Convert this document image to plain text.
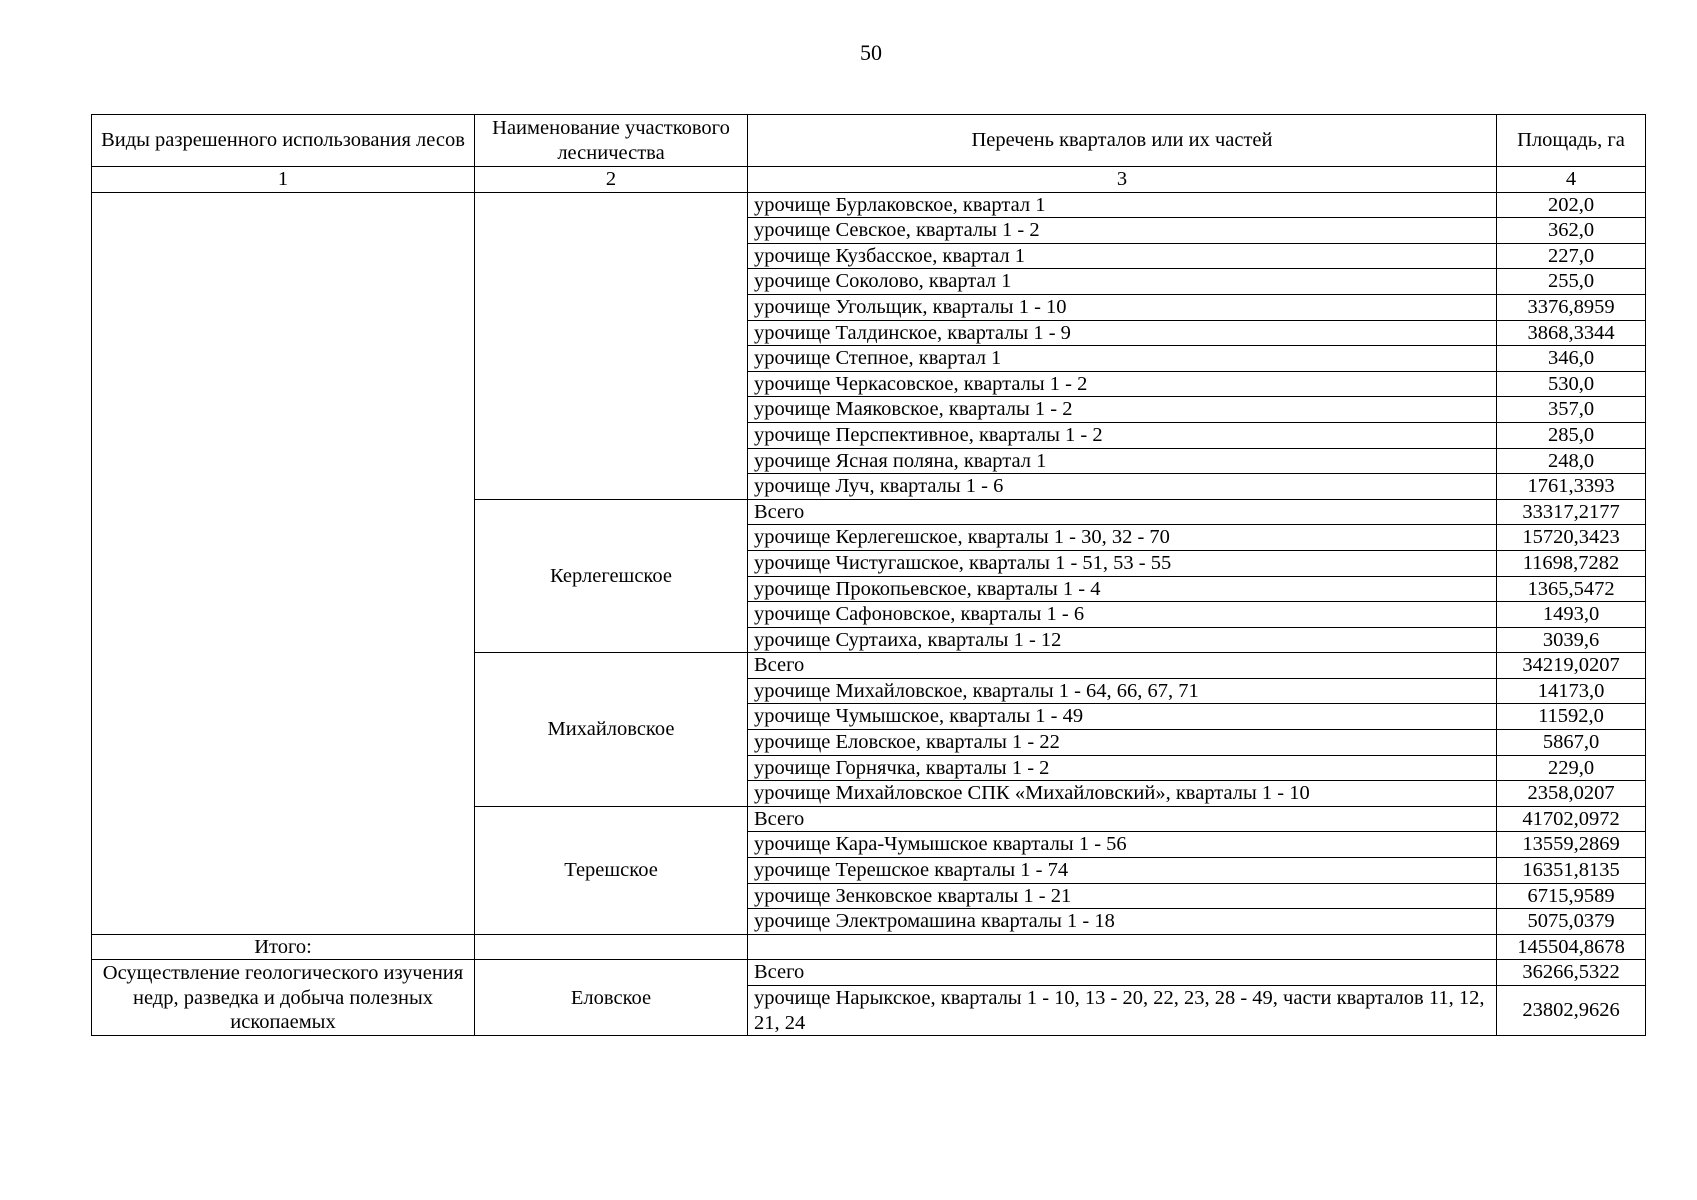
50
Виды разрешенного использования лесов	Наименование участкового лесничества	Перечень кварталов или их частей	Площадь, га
1	2	3	4
		урочище Бурлаковское, квартал 1	202,0
		урочище Севское, кварталы 1 - 2	362,0
		урочище Кузбасское, квартал 1	227,0
		урочище Соколово, квартал 1	255,0
		урочище Угольщик, кварталы 1 - 10	3376,8959
		урочище Талдинское, кварталы 1 - 9	3868,3344
		урочище Степное, квартал 1	346,0
		урочище Черкасовское, кварталы 1 - 2	530,0
		урочище Маяковское, кварталы 1 - 2	357,0
		урочище Перспективное, кварталы 1 - 2	285,0
		урочище Ясная поляна, квартал 1	248,0
		урочище Луч, кварталы 1 - 6	1761,3393
	Керлегешское	Всего	33317,2177
		урочище Керлегешское, кварталы 1 - 30, 32 - 70	15720,3423
		урочище Чистугашское, кварталы 1 - 51, 53 - 55	11698,7282
		урочище Прокопьевское, кварталы 1 - 4	1365,5472
		урочище Сафоновское, кварталы 1 - 6	1493,0
		урочище Суртаиха, кварталы 1 - 12	3039,6
	Михайловское	Всего	34219,0207
		урочище Михайловское, кварталы 1 - 64, 66, 67, 71	14173,0
		урочище Чумышское, кварталы 1 - 49	11592,0
		урочище Еловское, кварталы 1 - 22	5867,0
		урочище Горнячка, кварталы 1 - 2	229,0
		урочище Михайловское СПК «Михайловский», кварталы 1 - 10	2358,0207
	Терешское	Всего	41702,0972
		урочище Кара-Чумышское кварталы 1 - 56	13559,2869
		урочище Терешское кварталы 1 - 74	16351,8135
		урочище Зенковское кварталы 1 - 21	6715,9589
		урочище Электромашина кварталы 1 - 18	5075,0379
Итого:			145504,8678
Осуществление геологического изучения недр, разведка и добыча полезных ископаемых	Еловское	Всего	36266,5322
		урочище Нарыкское, кварталы 1 - 10, 13 - 20, 22, 23, 28 - 49, части кварталов 11, 12, 21, 24	23802,9626
